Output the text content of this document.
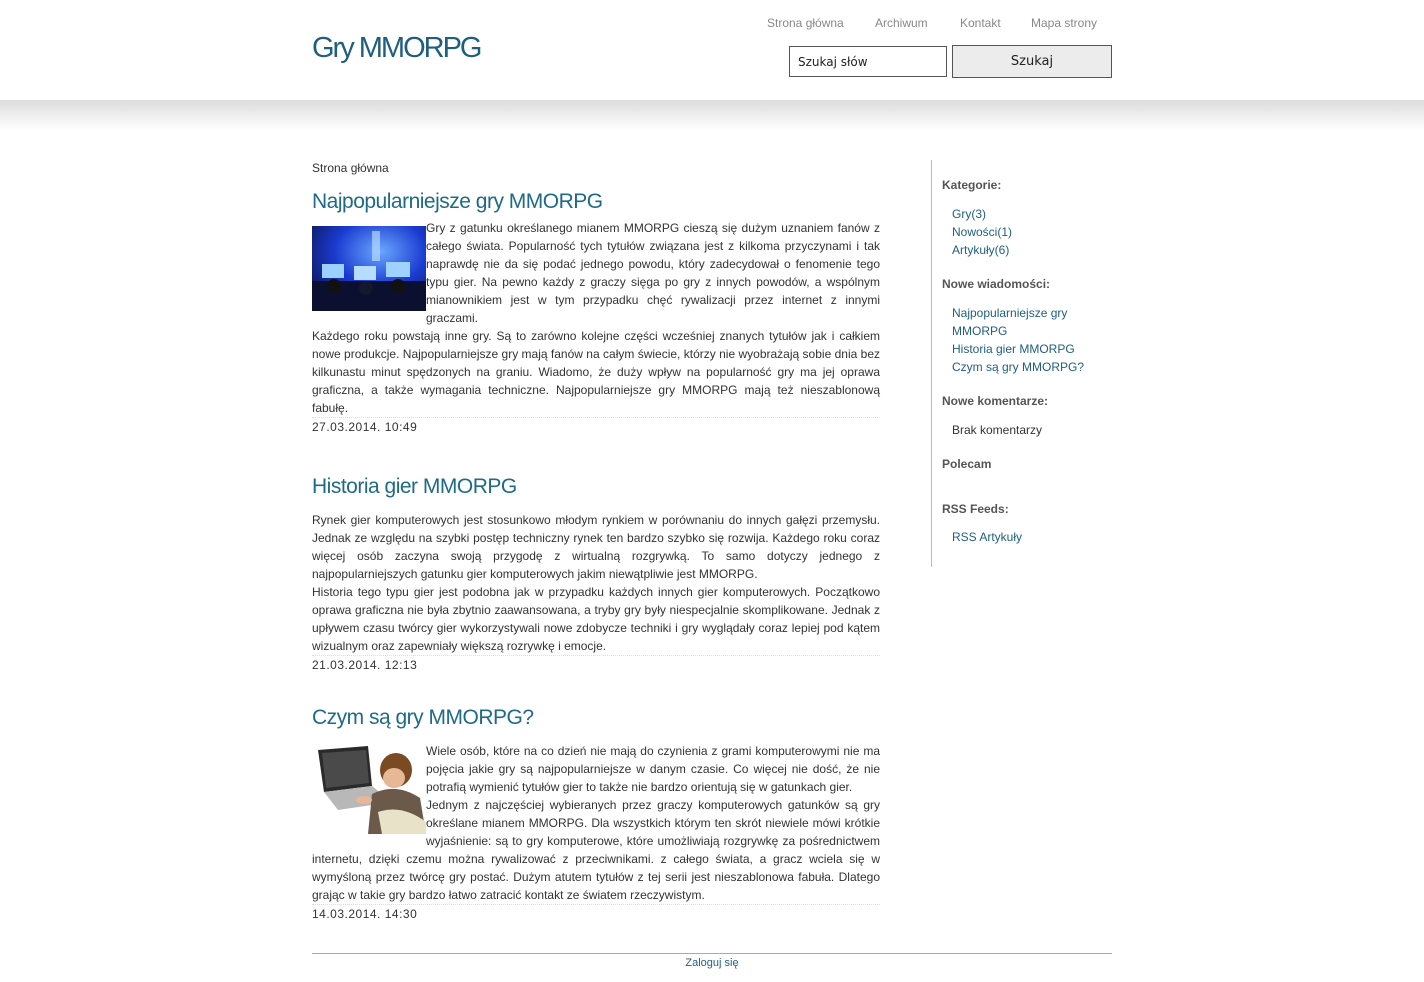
Gry MMORPG
Strona główna	Archiwum	Kontakt	Mapa strony
Szukaj słów
Szukaj
Strona główna
Najpopularniejsze gry MMORPG

Gry z gatunku określanego mianem MMORPG cieszą się dużym uznaniem fanów z całego świata. Popularność tych tytułów związana jest z kilkoma przyczynami i tak naprawdę nie da się podać jednego powodu, który zadecydował o fenomenie tego typu gier. Na pewno każdy z graczy sięga po gry z innych powodów, a wspólnym mianownikiem jest w tym przypadku chęć rywalizacji przez internet z innymi graczami.

Każdego roku powstają inne gry. Są to zarówno kolejne części wcześniej znanych tytułów jak i całkiem nowe produkcje. Najpopularniejsze gry mają fanów na całym świecie, którzy nie wyobrażają sobie dnia bez kilkunastu minut spędzonych na graniu. Wiadomo, że duży wpływ na popularność gry ma jej oprawa graficzna, a także wymagania techniczne. Najpopularniejsze gry MMORPG mają też nieszablonową fabułę.

27.03.2014. 10:49
Historia gier MMORPG

Rynek gier komputerowych jest stosunkowo młodym rynkiem w porównaniu do innych gałęzi przemysłu. Jednak ze względu na szybki postęp techniczny rynek ten bardzo szybko się rozwija. Każdego roku coraz więcej osób zaczyna swoją przygodę z wirtualną rozgrywką. To samo dotyczy jednego z najpopularniejszych gatunku gier komputerowych jakim niewątpliwie jest MMORPG.

Historia tego typu gier jest podobna jak w przypadku każdych innych gier komputerowych. Początkowo oprawa graficzna nie była zbytnio zaawansowana, a tryby gry były niespecjalnie skomplikowane. Jednak z upływem czasu twórcy gier wykorzystywali nowe zdobycze techniki i gry wyglądały coraz lepiej pod kątem wizualnym oraz zapewniały większą rozrywkę i emocje.

21.03.2014. 12:13
Czym są gry MMORPG?

Wiele osób, które na co dzień nie mają do czynienia z grami komputerowymi nie ma pojęcia jakie gry są najpopularniejsze w danym czasie. Co więcej nie dość, że nie potrafią wymienić tytułów gier to także nie bardzo orientują się w gatunkach gier.

Jednym z najczęściej wybieranych przez graczy komputerowych gatunków są gry określane mianem MMORPG. Dla wszystkich którym ten skrót niewiele mówi krótkie wyjaśnienie: są to gry komputerowe, które umożliwiają rozgrywkę za pośrednictwem internetu, dzięki czemu można rywalizować z przeciwnikami. z całego świata, a gracz wciela się w wymyśloną przez twórcę gry postać. Dużym atutem tytułów z tej serii jest nieszablonowa fabuła. Dlatego grając w takie gry bardzo łatwo zatracić kontakt ze światem rzeczywistym.

14.03.2014. 14:30
Kategorie:
Gry(3)
Nowości(1)
Artykuły(6)
Nowe wiadomości:
Najpopularniejsze gry MMORPG
Historia gier MMORPG
Czym są gry MMORPG?
Nowe komentarze:
Brak komentarzy
Polecam
RSS Feeds:
RSS Artykuły
Zaloguj się
